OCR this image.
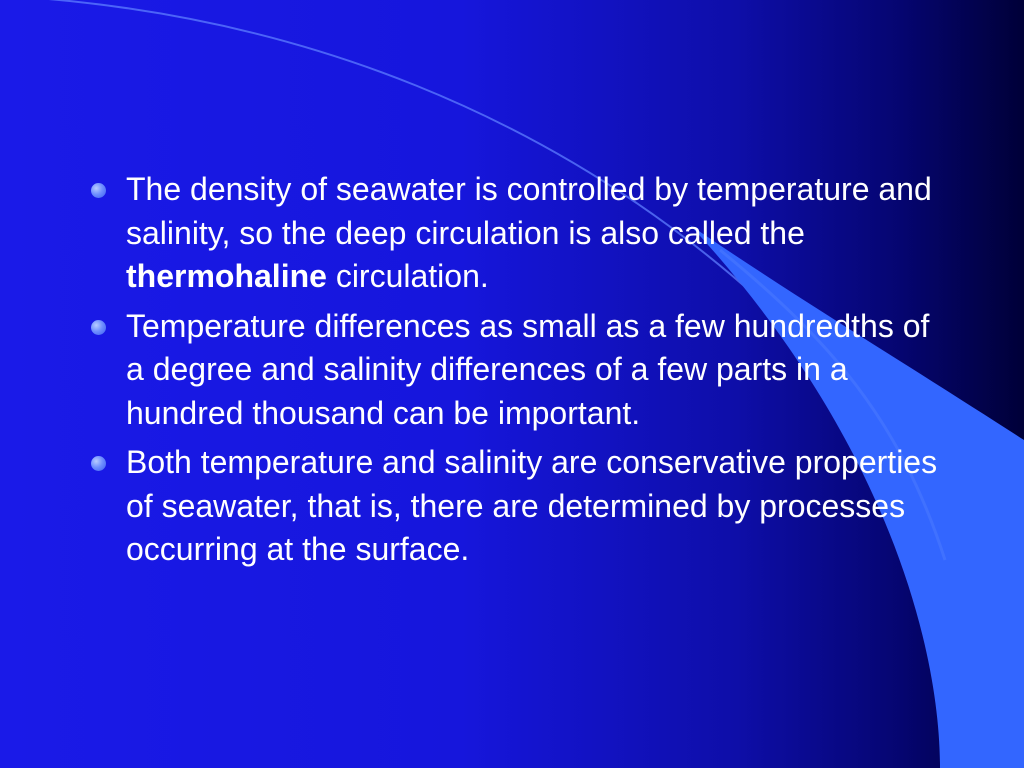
The density of seawater is controlled by temperature and salinity, so the deep circulation is also called the thermohaline circulation.
Temperature differences as small as a few hundredths of a degree and salinity differences of a few parts in a hundred thousand can be important.
Both temperature and salinity are conservative properties of seawater, that is, there are determined by processes occurring at the surface.
